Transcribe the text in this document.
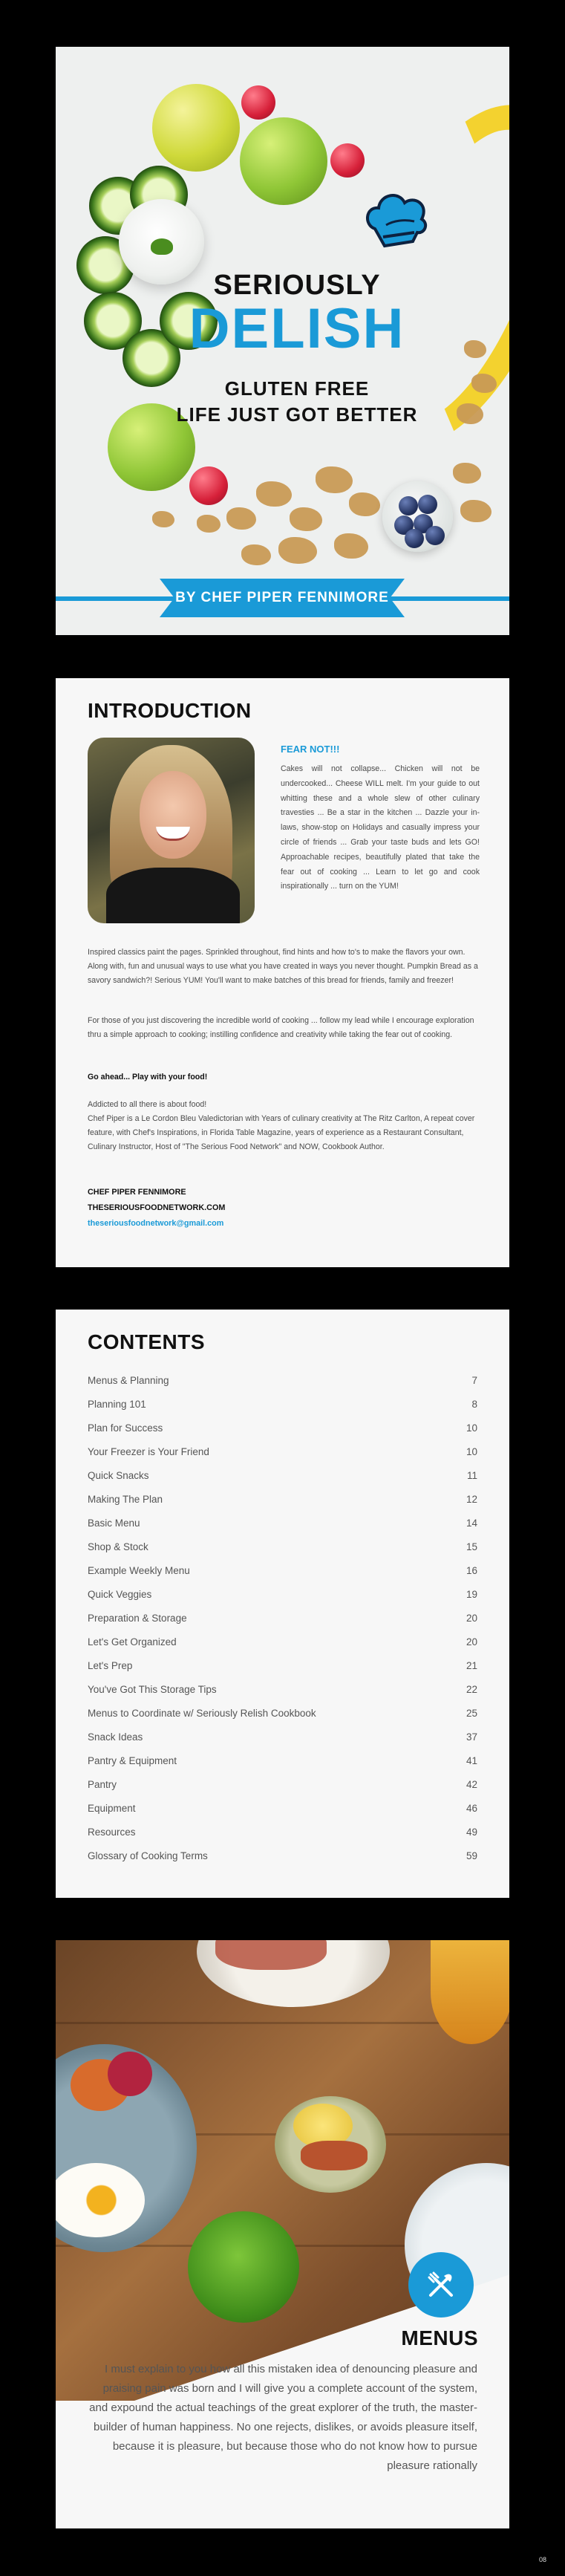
SERIOUSLY
DELISH
GLUTEN FREE
LIFE JUST GOT BETTER
BY CHEF PIPER FENNIMORE
INTRODUCTION
FEAR NOT!!!
Cakes will not collapse... Chicken will not be undercooked... Cheese WILL melt. I'm your guide to out whitting these and a whole slew of other culinary travesties ... Be a star in the kitchen ... Dazzle your in-laws, show-stop on Holidays and casually impress your circle of friends ... Grab your taste buds and lets GO! Approachable recipes, beautifully plated that take the fear out of cooking ... Learn to let go and cook inspirationally ... turn on the YUM!
Inspired classics paint the pages. Sprinkled throughout, find hints and how to's to make the flavors your own. Along with, fun and unusual ways to use what you have created in ways you never thought. Pumpkin Bread as a savory sandwich?! Serious YUM! You'll want to make batches of this bread for friends, family and freezer!
For those of you just discovering the incredible world of cooking ... follow my lead while I encourage exploration thru a simple approach to cooking; instilling confidence and creativity while taking the fear out of cooking.
Go ahead... Play with your food!
Addicted to all there is about food!
Chef Piper is a Le Cordon Bleu Valedictorian with Years of culinary creativity at The Ritz Carlton, A repeat cover feature, with Chef's Inspirations, in Florida Table Magazine, years of experience as a Restaurant Consultant, Culinary Instructor, Host of "The Serious Food Network" and NOW, Cookbook Author.
CHEF PIPER FENNIMORE
THESERIOUSFOODNETWORK.COM
theseriousfoodnetwork@gmail.com
CONTENTS
Menus & Planning	7
Planning 101	8
Plan for Success	10
Your Freezer is Your Friend	10
Quick Snacks	11
Making The Plan	12
Basic Menu	14
Shop & Stock	15
Example Weekly Menu	16
Quick Veggies	19
Preparation & Storage	20
Let's Get Organized	20
Let's Prep	21
You've Got This Storage Tips	22
Menus to Coordinate w/ Seriously Relish Cookbook	25
Snack Ideas	37
Pantry & Equipment	41
Pantry	42
Equipment	46
Resources	49
Glossary of Cooking Terms	59
MENUS
I must explain to you how all this mistaken idea of denouncing pleasure and praising pain was born and I will give you a complete account of the system, and expound the actual teachings of the great explorer of the truth, the master-builder of human happiness. No one rejects, dislikes, or avoids pleasure itself, because it is pleasure, but because those who do not know how to pursue pleasure rationally
08
